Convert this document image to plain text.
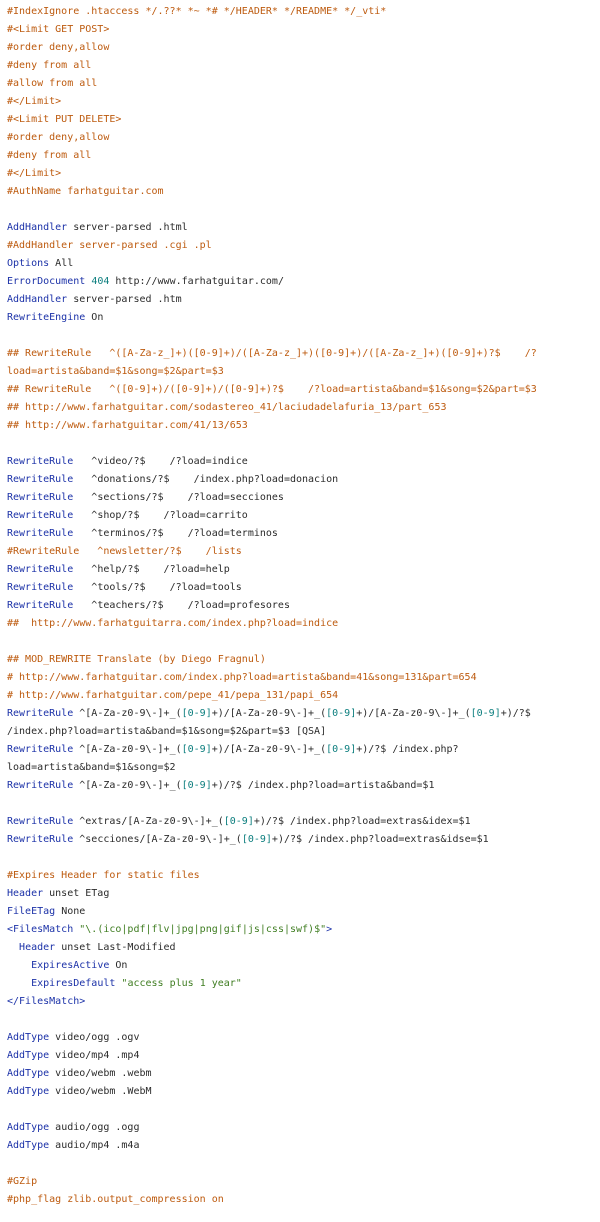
#IndexIgnore .htaccess */.??* *~ *# */HEADER* */README* */_vti*
#<Limit GET POST>
#order deny,allow
#deny from all
#allow from all
#</Limit>
#<Limit PUT DELETE>
#order deny,allow
#deny from all
#</Limit>
#AuthName farhatguitar.com
AddHandler server-parsed .html
#AddHandler server-parsed .cgi .pl
Options All
ErrorDocument 404 http://www.farhatguitar.com/
AddHandler server-parsed .htm
RewriteEngine On
## RewriteRule   ^([A-Za-z_]+)([0-9]+)/([A-Za-z_]+)([0-9]+)/([A-Za-z_]+)([0-9]+)?$    /?
load=artista&band=$1&song=$2&part=$3
## RewriteRule   ^([0-9]+)/([0-9]+)/([0-9]+)?$    /?load=artista&band=$1&song=$2&part=$3
## http://www.farhatguitar.com/sodastereo_41/laciudadelafuria_13/part_653
## http://www.farhatguitar.com/41/13/653
RewriteRule   ^video/?$    /?load=indice
RewriteRule   ^donations/?$    /index.php?load=donacion
RewriteRule   ^sections/?$    /?load=secciones
RewriteRule   ^shop/?$    /?load=carrito
RewriteRule   ^terminos/?$    /?load=terminos
#RewriteRule   ^newsletter/?$    /lists
RewriteRule   ^help/?$    /?load=help
RewriteRule   ^tools/?$    /?load=tools
RewriteRule   ^teachers/?$    /?load=profesores
##  http://www.farhatguitarra.com/index.php?load=indice
## MOD_REWRITE Translate (by Diego Fragnul)
# http://www.farhatguitar.com/index.php?load=artista&band=41&song=131&part=654
# http://www.farhatguitar.com/pepe_41/pepa_131/papi_654
RewriteRule ^[A-Za-z0-9\-]+_([0-9]+)/[A-Za-z0-9\-]+_([0-9]+)/[A-Za-z0-9\-]+_([0-9]+)/?$
/index.php?load=artista&band=$1&song=$2&part=$3 [QSA]
RewriteRule ^[A-Za-z0-9\-]+_([0-9]+)/[A-Za-z0-9\-]+_([0-9]+)/?$ /index.php?
load=artista&band=$1&song=$2
RewriteRule ^[A-Za-z0-9\-]+_([0-9]+)/?$ /index.php?load=artista&band=$1
RewriteRule ^extras/[A-Za-z0-9\-]+_([0-9]+)/?$ /index.php?load=extras&idex=$1
RewriteRule ^secciones/[A-Za-z0-9\-]+_([0-9]+)/?$ /index.php?load=extras&idse=$1
#Expires Header for static files
Header unset ETag
FileETag None
<FilesMatch "\.(ico|pdf|flv|jpg|png|gif|js|css|swf)$">
Header unset Last-Modified
ExpiresActive On
ExpiresDefault "access plus 1 year"
</FilesMatch>
AddType video/ogg .ogv
AddType video/mp4 .mp4
AddType video/webm .webm
AddType video/webm .WebM
AddType audio/ogg .ogg
AddType audio/mp4 .m4a
#GZip
#php_flag zlib.output_compression on
